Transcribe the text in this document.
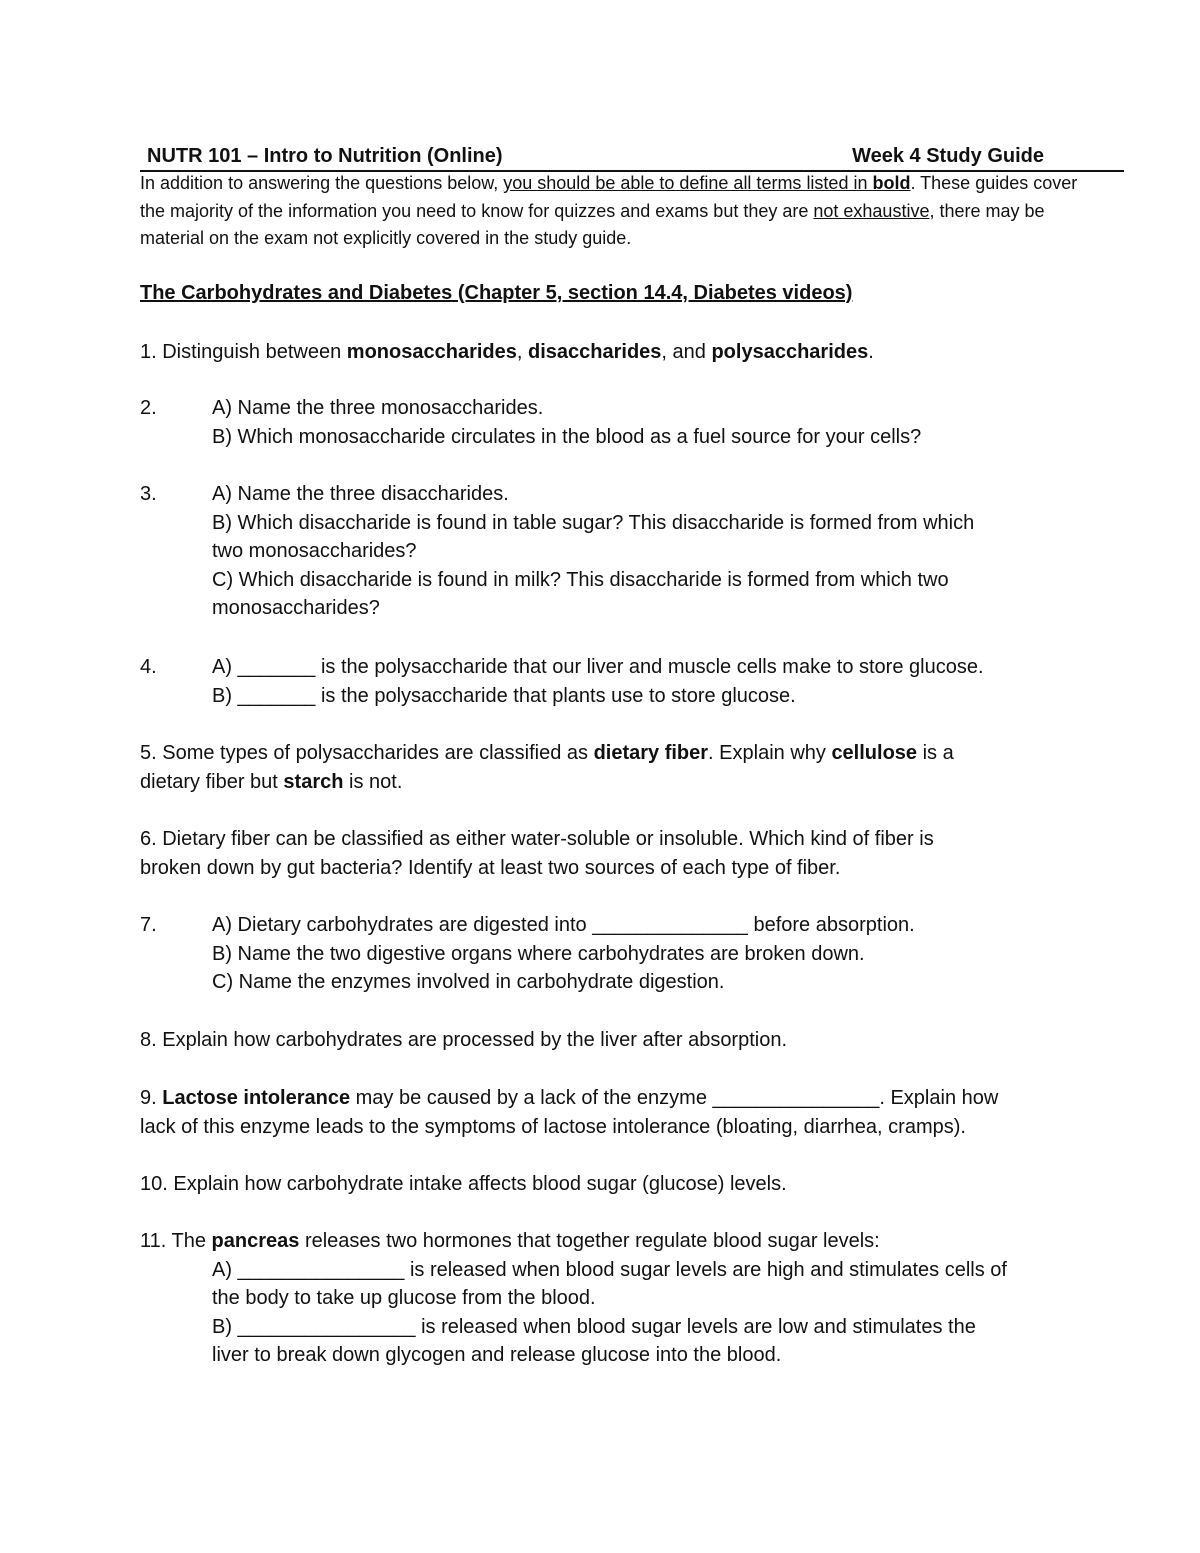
NUTR 101 – Intro to Nutrition (Online)	Week 4 Study Guide
In addition to answering the questions below, you should be able to define all terms listed in bold. These guides cover the majority of the information you need to know for quizzes and exams but they are not exhaustive, there may be material on the exam not explicitly covered in the study guide.
The Carbohydrates and Diabetes (Chapter 5, section 14.4, Diabetes videos)
1. Distinguish between monosaccharides, disaccharides, and polysaccharides.
2.	A) Name the three monosaccharides.
B) Which monosaccharide circulates in the blood as a fuel source for your cells?
3.	A) Name the three disaccharides.
B) Which disaccharide is found in table sugar? This disaccharide is formed from which
two monosaccharides?
C) Which disaccharide is found in milk? This disaccharide is formed from which two
monosaccharides?
4.	A) _______ is the polysaccharide that our liver and muscle cells make to store glucose.
B) _______ is the polysaccharide that plants use to store glucose.
5. Some types of polysaccharides are classified as dietary fiber. Explain why cellulose is a
dietary fiber but starch is not.
6. Dietary fiber can be classified as either water-soluble or insoluble. Which kind of fiber is
broken down by gut bacteria? Identify at least two sources of each type of fiber.
7.	A) Dietary carbohydrates are digested into ______________ before absorption.
B) Name the two digestive organs where carbohydrates are broken down.
C) Name the enzymes involved in carbohydrate digestion.
8. Explain how carbohydrates are processed by the liver after absorption.
9. Lactose intolerance may be caused by a lack of the enzyme _______________. Explain how
lack of this enzyme leads to the symptoms of lactose intolerance (bloating, diarrhea, cramps).
10. Explain how carbohydrate intake affects blood sugar (glucose) levels.
11. The pancreas releases two hormones that together regulate blood sugar levels:
A) _______________ is released when blood sugar levels are high and stimulates cells of
the body to take up glucose from the blood.
B) ________________ is released when blood sugar levels are low and stimulates the
liver to break down glycogen and release glucose into the blood.
